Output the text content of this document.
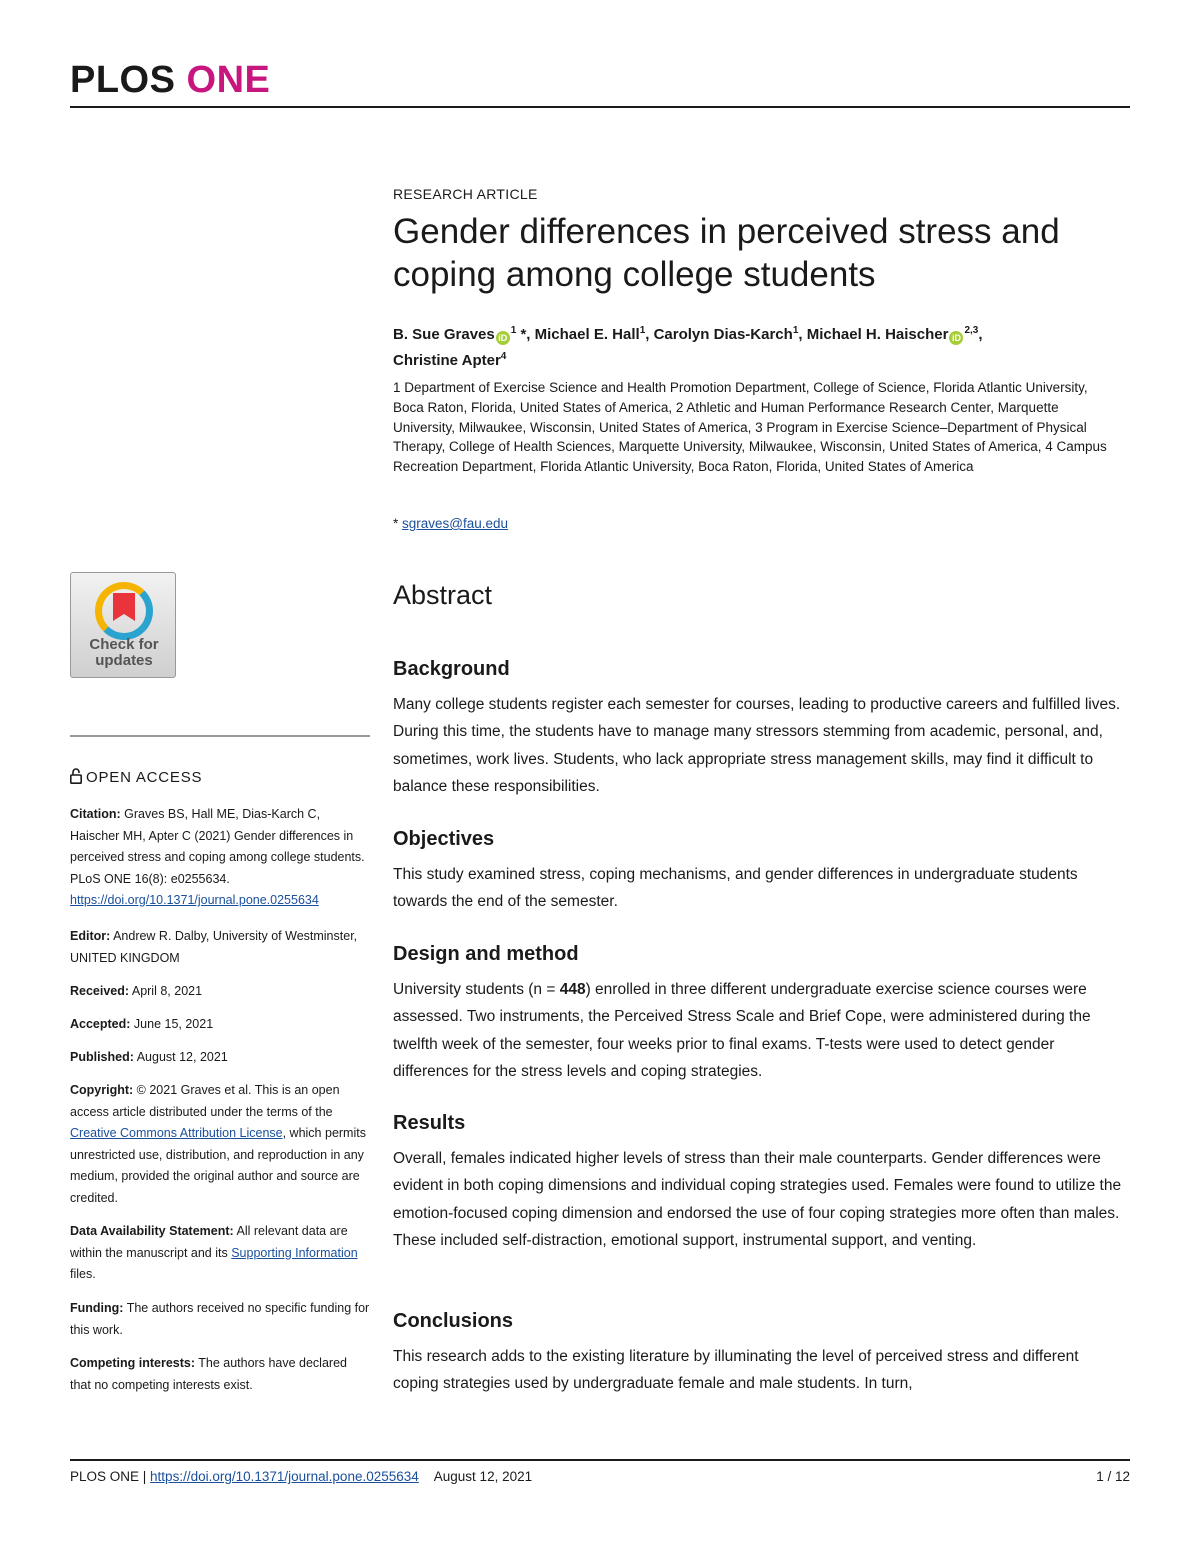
PLOS ONE
RESEARCH ARTICLE
Gender differences in perceived stress and coping among college students
B. Sue Graves $iD^1$ *, Michael E. Hall$^1$, Carolyn Dias-Karch$^1$, Michael H. Haischer iD$^{2,3}$,
Christine Apter$^4$
1 Department of Exercise Science and Health Promotion Department, College of Science, Florida Atlantic University, Boca Raton, Florida, United States of America, 2 Athletic and Human Performance Research Center, Marquette University, Milwaukee, Wisconsin, United States of America, 3 Program in Exercise Science–Department of Physical Therapy, College of Health Sciences, Marquette University, Milwaukee, Wisconsin, United States of America, 4 Campus Recreation Department, Florida Atlantic University, Boca Raton, Florida, United States of America
* sgraves@fau.edu
Check for
updates
OPEN ACCESS
Citation: Graves BS, Hall ME, Dias-Karch C, Haischer MH, Apter C (2021) Gender differences in perceived stress and coping among college students. PLoS ONE 16(8): e0255634. https://doi.org/10.1371/journal.pone.0255634
Editor: Andrew R. Dalby, University of Westminster, UNITED KINGDOM
Received: April 8, 2021
Accepted: June 15, 2021
Published: August 12, 2021
Copyright: © 2021 Graves et al. This is an open access article distributed under the terms of the Creative Commons Attribution License, which permits unrestricted use, distribution, and reproduction in any medium, provided the original author and source are credited.
Data Availability Statement: All relevant data are within the manuscript and its Supporting Information files.
Funding: The authors received no specific funding for this work.
Competing interests: The authors have declared that no competing interests exist.
Abstract
Background
Many college students register each semester for courses, leading to productive careers and fulfilled lives. During this time, the students have to manage many stressors stemming from academic, personal, and, sometimes, work lives. Students, who lack appropriate stress management skills, may find it difficult to balance these responsibilities.
Objectives
This study examined stress, coping mechanisms, and gender differences in undergraduate students towards the end of the semester.
Design and method
University students (n = 448) enrolled in three different undergraduate exercise science courses were assessed. Two instruments, the Perceived Stress Scale and Brief Cope, were administered during the twelfth week of the semester, four weeks prior to final exams. T-tests were used to detect gender differences for the stress levels and coping strategies.
Results
Overall, females indicated higher levels of stress than their male counterparts. Gender differences were evident in both coping dimensions and individual coping strategies used. Females were found to utilize the emotion-focused coping dimension and endorsed the use of four coping strategies more often than males. These included self-distraction, emotional support, instrumental support, and venting.
Conclusions
This research adds to the existing literature by illuminating the level of perceived stress and different coping strategies used by undergraduate female and male students. In turn,
PLOS ONE | https://doi.org/10.1371/journal.pone.0255634 August 12, 2021	1 / 12
